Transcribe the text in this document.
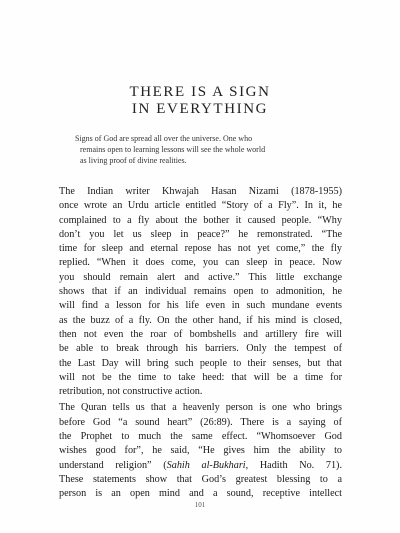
THERE IS A SIGN
IN EVERYTHING
Signs of God are spread all over the universe. One who
remains open to learning lessons will see the whole world
as living proof of divine realities.
The Indian writer Khwajah Hasan Nizami (1878-1955)
once wrote an Urdu article entitled “Story of a Fly”. In it, he
complained to a fly about the bother it caused people. “Why
don’t you let us sleep in peace?” he remonstrated. “The
time for sleep and eternal repose has not yet come,” the fly
replied. “When it does come, you can sleep in peace. Now
you should remain alert and active.” This little exchange
shows that if an individual remains open to admonition, he
will find a lesson for his life even in such mundane events
as the buzz of a fly. On the other hand, if his mind is closed,
then not even the roar of bombshells and artillery fire will
be able to break through his barriers. Only the tempest of
the Last Day will bring such people to their senses, but that
will not be the time to take heed: that will be a time for
retribution, not constructive action.
The Quran tells us that a heavenly person is one who brings
before God “a sound heart” (26:89). There is a saying of
the Prophet to much the same effect. “Whomsoever God
wishes good for”, he said, “He gives him the ability to
understand religion” (Sahih al-Bukhari, Hadith No. 71).
These statements show that God’s greatest blessing to a
person is an open mind and a sound, receptive intellect
101
